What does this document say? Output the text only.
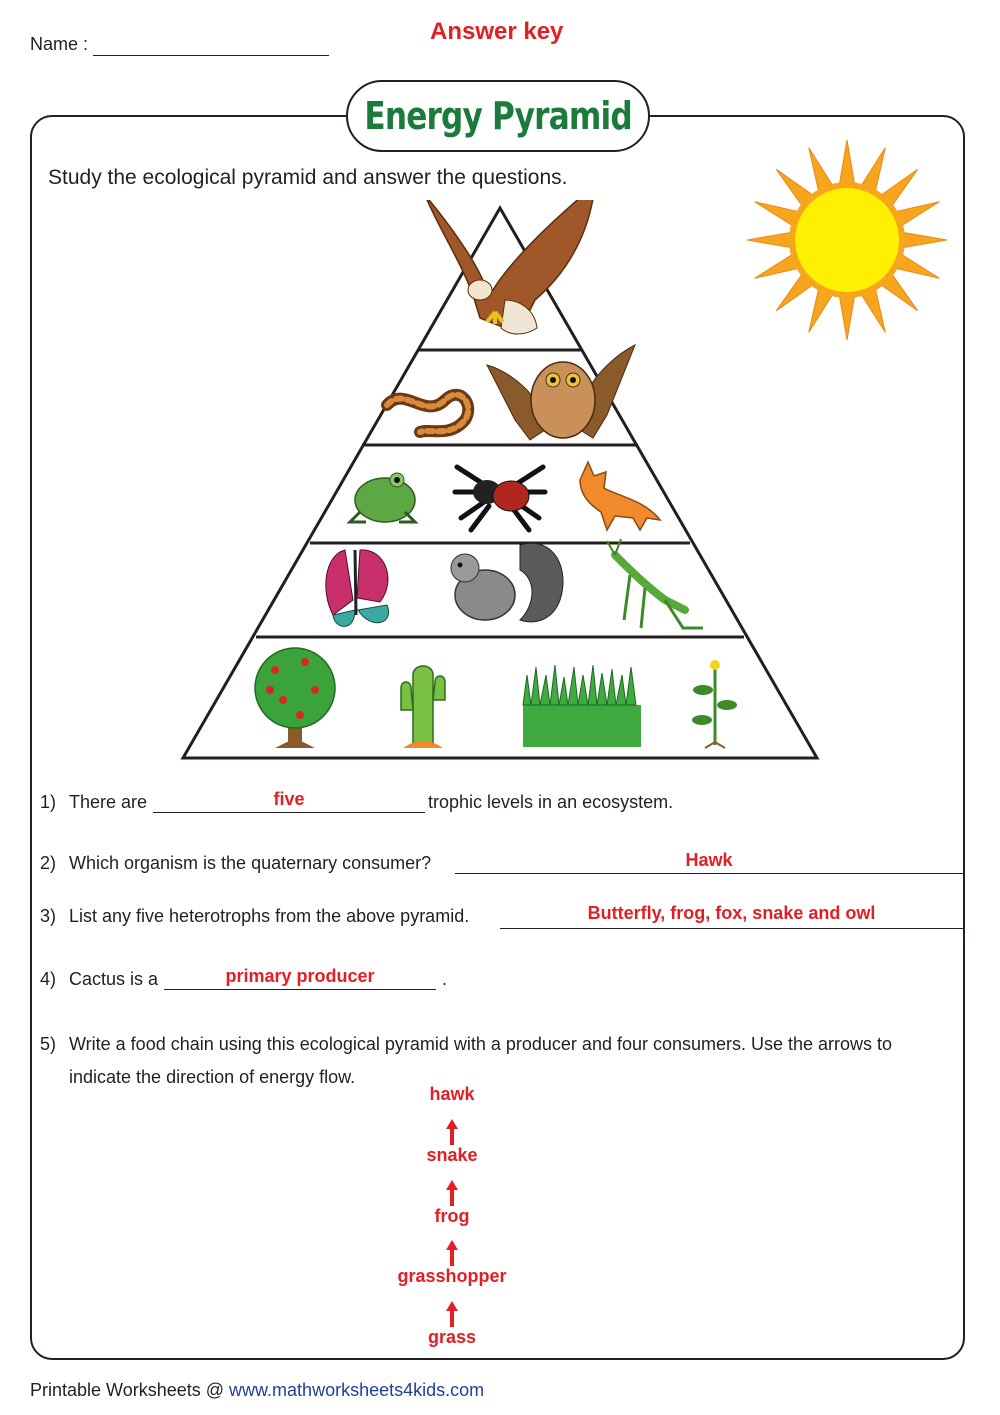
Name :	Answer key
Energy Pyramid
Study the ecological pyramid and answer the questions.
1) There are	five	trophic levels in an ecosystem.
2) Which organism is the quaternary consumer?	Hawk
3) List any five heterotrophs from the above pyramid.	Butterfly, frog, fox, snake and owl
4) Cactus is a	primary producer	.
5) Write a food chain using this ecological pyramid with a producer and four consumers. Use the arrows to
indicate the direction of energy flow.
hawk
snake
frog
grasshopper
grass
Printable Worksheets @ www.mathworksheets4kids.com
